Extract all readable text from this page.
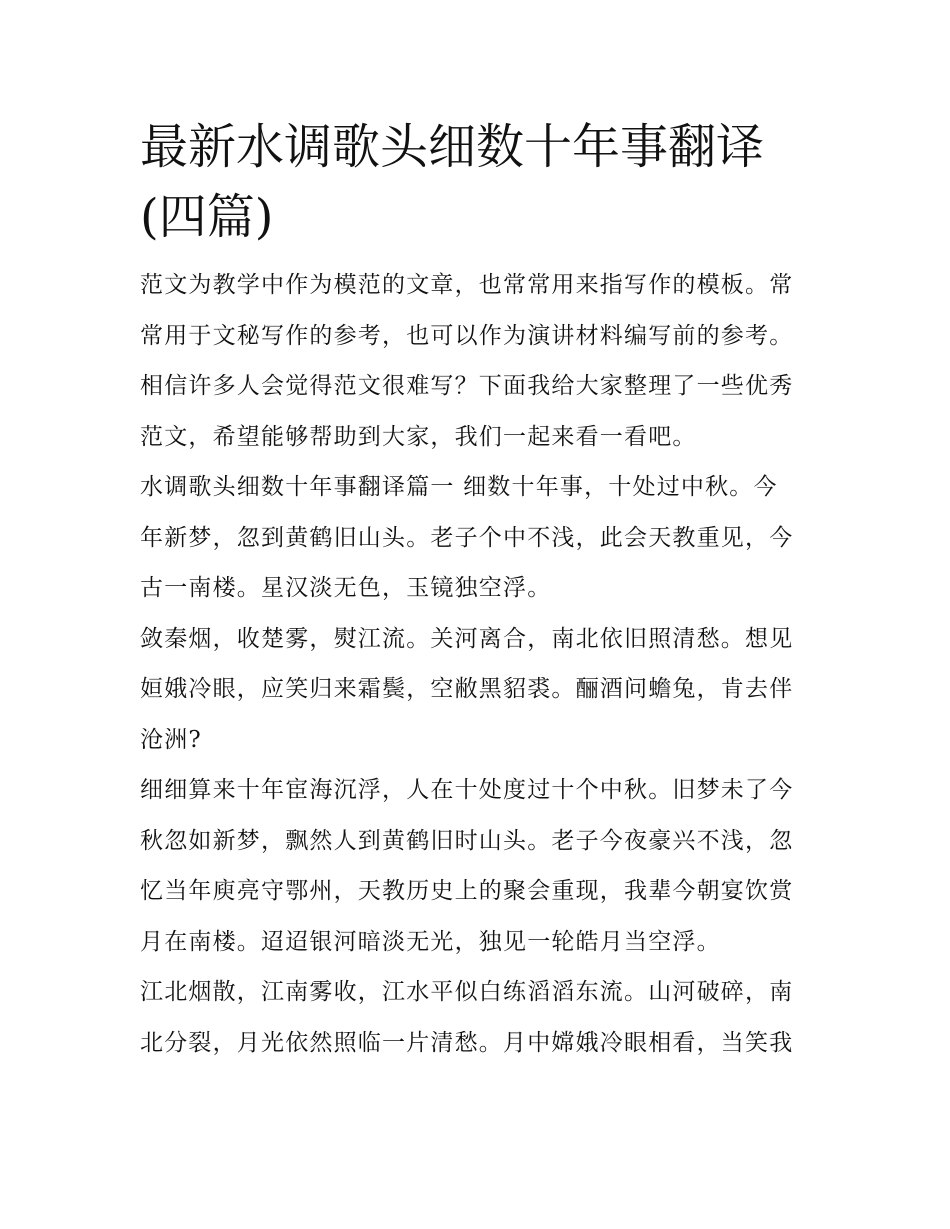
最新水调歌头细数十年事翻译
(四篇)

范文为教学中作为模范的文章，也常常用来指写作的模板。常
常用于文秘写作的参考，也可以作为演讲材料编写前的参考。
相信许多人会觉得范文很难写？下面我给大家整理了一些优秀
范文，希望能够帮助到大家，我们一起来看一看吧。

水调歌头细数十年事翻译篇一 细数十年事，十处过中秋。今
年新梦，忽到黄鹤旧山头。老子个中不浅，此会天教重见，今
古一南楼。星汉淡无色，玉镜独空浮。

敛秦烟，收楚雾，熨江流。关河离合，南北依旧照清愁。想见
姮娥冷眼，应笑归来霜鬓，空敝黑貂裘。酾酒问蟾兔，肯去伴
沧洲?

细细算来十年宦海沉浮，人在十处度过十个中秋。旧梦未了今
秋忽如新梦，飘然人到黄鹤旧时山头。老子今夜豪兴不浅，忽
忆当年庾亮守鄂州，天教历史上的聚会重现，我辈今朝宴饮赏
月在南楼。迢迢银河暗淡无光，独见一轮皓月当空浮。

江北烟散，江南雾收，江水平似白练滔滔东流。山河破碎，南
北分裂，月光依然照临一片清愁。月中嫦娥冷眼相看，当笑我
